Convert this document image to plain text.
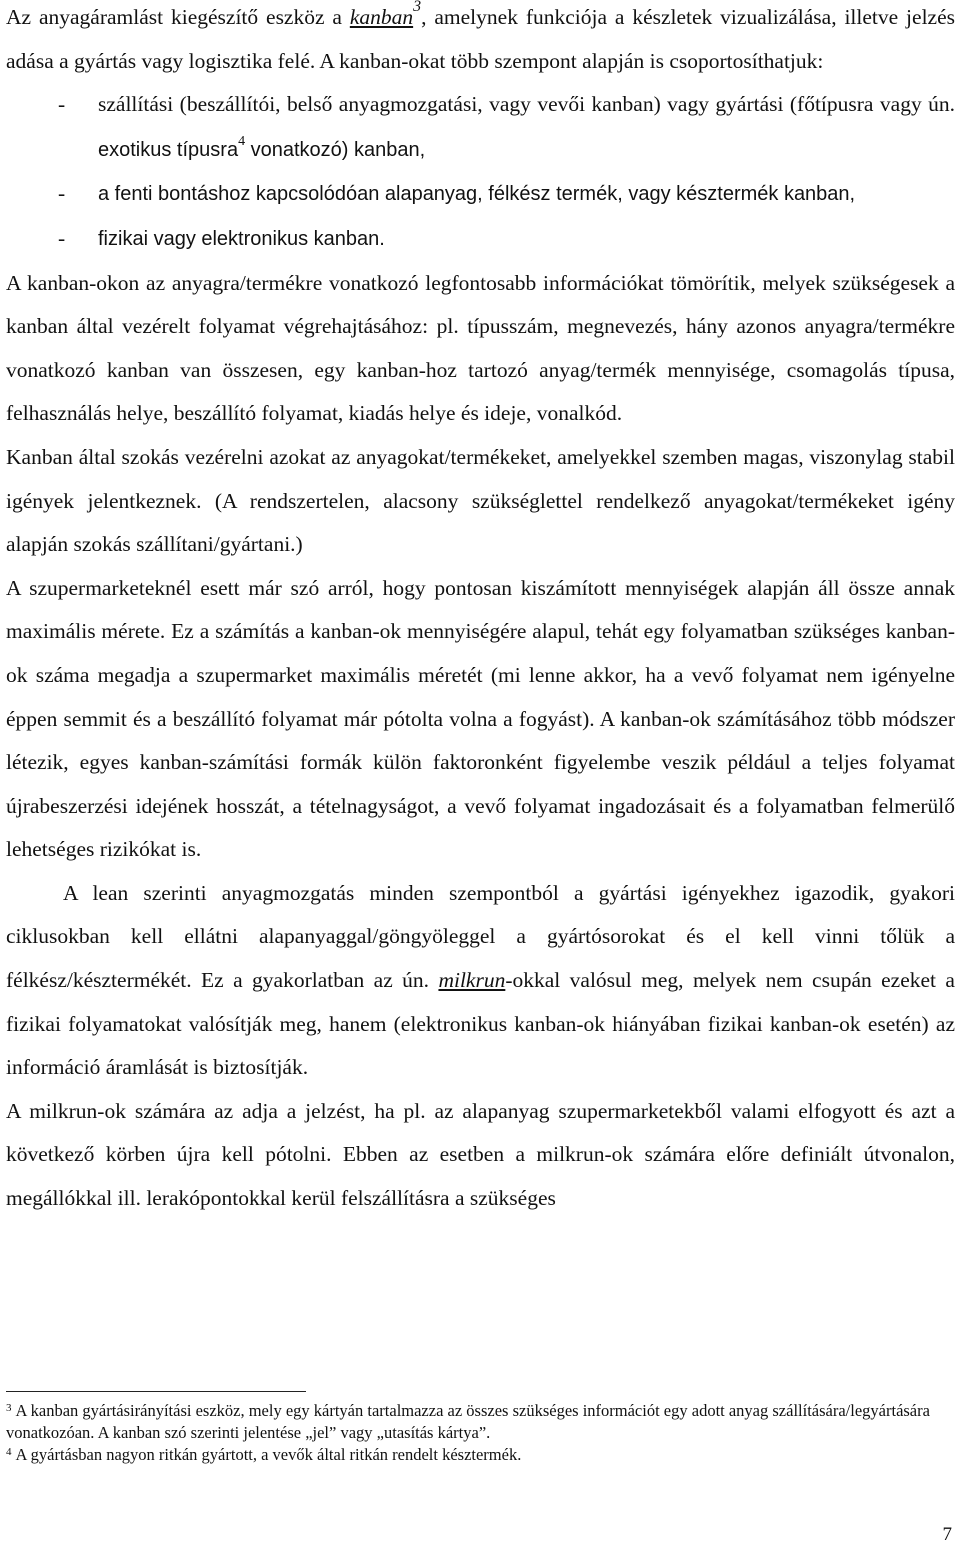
Az anyagáramlást kiegészítő eszköz a kanban$^3$, amelynek funkciója a készletek vizualizálása, illetve jelzés adása a gyártás vagy logisztika felé. A kanban-okat több szempont alapján is csoportosíthatjuk:

- szállítási (beszállítói, belső anyagmozgatási, vagy vevői kanban) vagy gyártási (főtípusra vagy ún. exotikus típusra$^4$ vonatkozó) kanban,
- a fenti bontáshoz kapcsolódóan alapanyag, félkész termék, vagy késztermék kanban,
- fizikai vagy elektronikus kanban.

A kanban-okon az anyagra/termékre vonatkozó legfontosabb információkat tömörítik, melyek szükségesek a kanban által vezérelt folyamat végrehajtásához: pl. típusszám, megnevezés, hány azonos anyagra/termékre vonatkozó kanban van összesen, egy kanban-hoz tartozó anyag/termék mennyisége, csomagolás típusa, felhasználás helye, beszállító folyamat, kiadás helye és ideje, vonalkód.

Kanban által szokás vezérelni azokat az anyagokat/termékeket, amelyekkel szemben magas, viszonylag stabil igények jelentkeznek. (A rendszertelen, alacsony szükséglettel rendelkező anyagokat/termékeket igény alapján szokás szállítani/gyártani.)

A szupermarketeknél esett már szó arról, hogy pontosan kiszámított mennyiségek alapján áll össze annak maximális mérete. Ez a számítás a kanban-ok mennyiségére alapul, tehát egy folyamatban szükséges kanban-ok száma megadja a szupermarket maximális méretét (mi lenne akkor, ha a vevő folyamat nem igényelne éppen semmit és a beszállító folyamat már pótolta volna a fogyást). A kanban-ok számításához több módszer létezik, egyes kanban-számítási formák külön faktoronként figyelembe veszik például a teljes folyamat újrabeszerzési idejének hosszát, a tételnagyságot, a vevő folyamat ingadozásait és a folyamatban felmerülő lehetséges rizikókat is.

A lean szerinti anyagmozgatás minden szempontból a gyártási igényekhez igazodik, gyakori ciklusokban kell ellátni alapanyaggal/göngyöleggel a gyártósorokat és el kell vinni tőlük a félkész/késztermékét. Ez a gyakorlatban az ún. milkrun-okkal valósul meg, melyek nem csupán ezeket a fizikai folyamatokat valósítják meg, hanem (elektronikus kanban-ok hiányában fizikai kanban-ok esetén) az információ áramlását is biztosítják.

A milkrun-ok számára az adja a jelzést, ha pl. az alapanyag szupermarketekből valami elfogyott és azt a következő körben újra kell pótolni. Ebben az esetben a milkrun-ok számára előre definiált útvonalon, megállókkal ill. lerakópontokkal kerül felszállításra a szükséges

$^3$ A kanban gyártásirányítási eszköz, mely egy kártyán tartalmazza az összes szükséges információt egy adott anyag szállítására/legyártására vonatkozóan. A kanban szó szerinti jelentése „jel” vagy „utasítás kártya”.

$^4$ A gyártásban nagyon ritkán gyártott, a vevők által ritkán rendelt késztermék.

7
